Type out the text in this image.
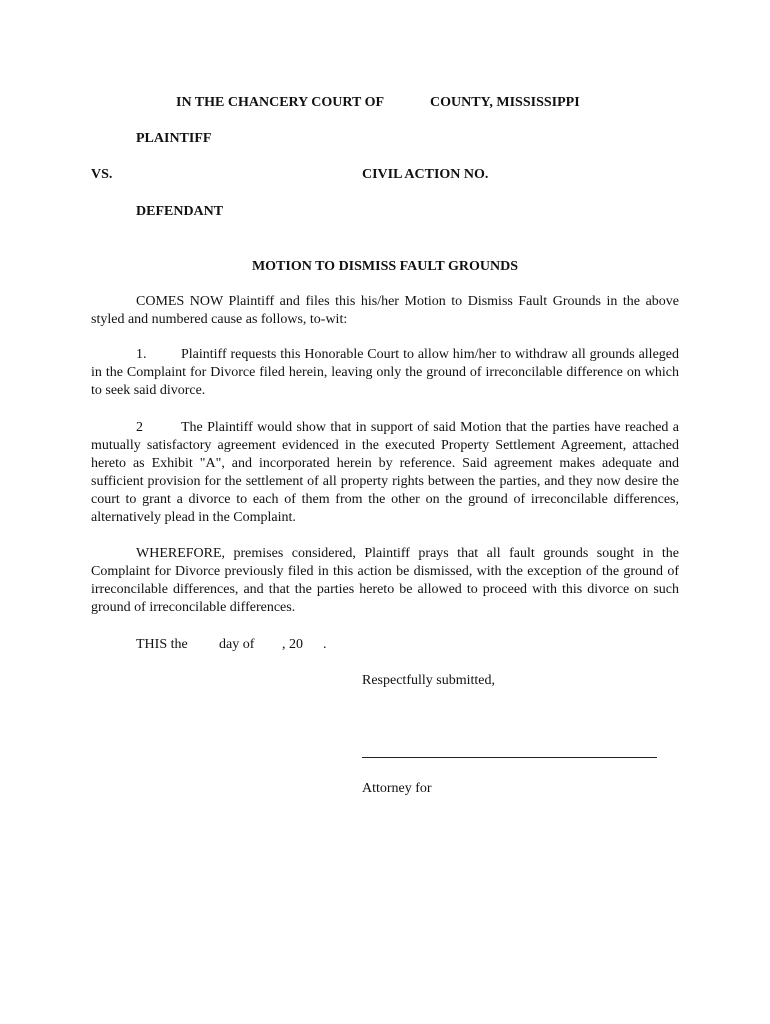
IN THE CHANCERY COURT OF	COUNTY, MISSISSIPPI
PLAINTIFF
VS.	CIVIL ACTION NO.
DEFENDANT
MOTION TO DISMISS FAULT GROUNDS
COMES NOW Plaintiff and files this his/her Motion to Dismiss Fault Grounds in the above styled and numbered cause as follows, to-wit:
1. Plaintiff requests this Honorable Court to allow him/her to withdraw all grounds alleged in the Complaint for Divorce filed herein, leaving only the ground of irreconcilable difference on which to seek said divorce.
2	The Plaintiff would show that in support of said Motion that the parties have reached a mutually satisfactory agreement evidenced in the executed Property Settlement Agreement, attached hereto as Exhibit "A", and incorporated herein by reference. Said agreement makes adequate and sufficient provision for the settlement of all property rights between the parties, and they now desire the court to grant a divorce to each of them from the other on the ground of irreconcilable differences, alternatively plead in the Complaint.
WHEREFORE, premises considered, Plaintiff prays that all fault grounds sought in the Complaint for Divorce previously filed in this action be dismissed, with the exception of the ground of irreconcilable differences, and that the parties hereto be allowed to proceed with this divorce on such ground of irreconcilable differences.
THIS the day of , 20 .
Respectfully submitted,
Attorney for
